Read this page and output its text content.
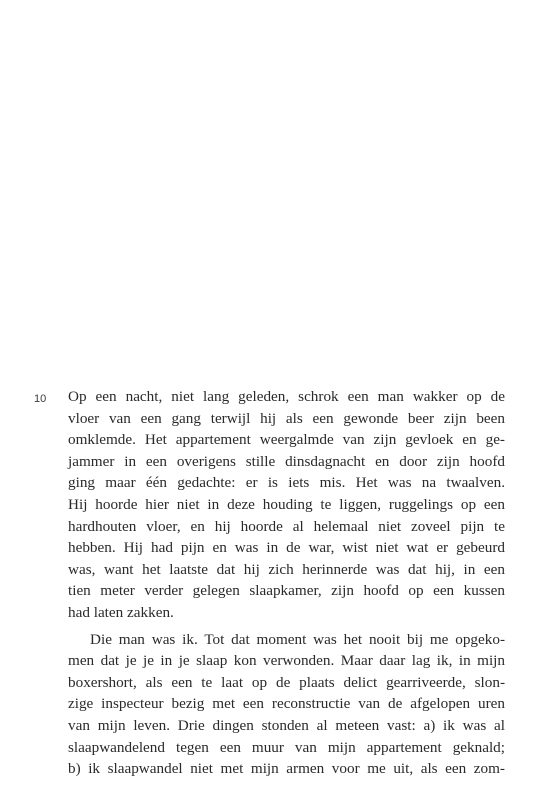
10 Op een nacht, niet lang geleden, schrok een man wakker op de
vloer van een gang terwijl hij als een gewonde beer zijn been
omklemde. Het appartement weergalmde van zijn gevloek en ge-
jammer in een overigens stille dinsdagnacht en door zijn hoofd
ging maar één gedachte: er is iets mis. Het was na twaalven.
Hij hoorde hier niet in deze houding te liggen, ruggelings op een
hardhouten vloer, en hij hoorde al helemaal niet zoveel pijn te
hebben. Hij had pijn en was in de war, wist niet wat er gebeurd
was, want het laatste dat hij zich herinnerde was dat hij, in een
tien meter verder gelegen slaapkamer, zijn hoofd op een kussen
had laten zakken.
Die man was ik. Tot dat moment was het nooit bij me opgeko-
men dat je je in je slaap kon verwonden. Maar daar lag ik, in mijn
boxershort, als een te laat op de plaats delict gearriveerde, slon-
zige inspecteur bezig met een reconstructie van de afgelopen uren
van mijn leven. Drie dingen stonden al meteen vast: a) ik was al
slaapwandelend tegen een muur van mijn appartement geknald;
b) ik slaapwandel niet met mijn armen voor me uit, als een zom-
